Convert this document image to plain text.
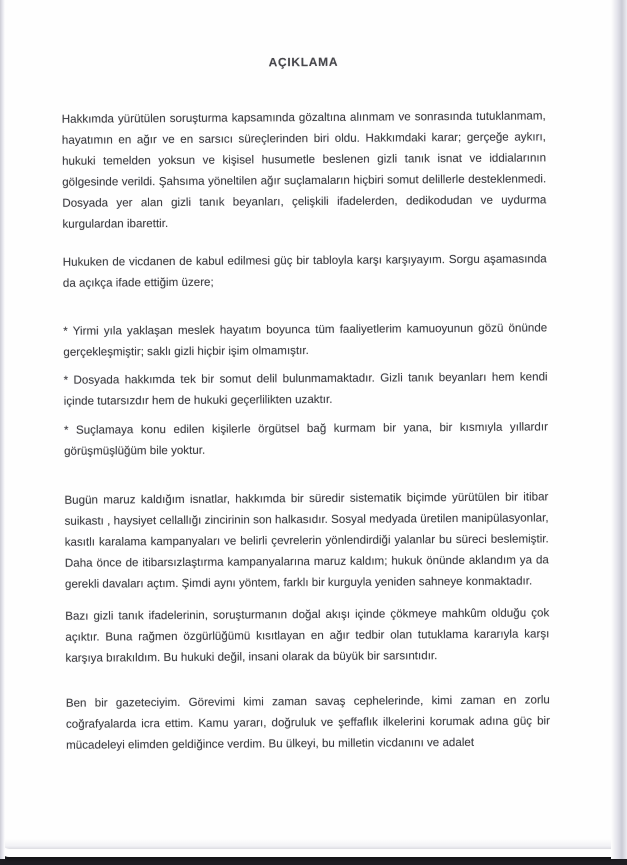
AÇIKLAMA

Hakkımda yürütülen soruşturma kapsamında gözaltına alınmam ve sonrasında tutuklanmam, hayatımın en ağır ve en sarsıcı süreçlerinden biri oldu. Hakkımdaki karar; gerçeğe aykırı, hukuki temelden yoksun ve kişisel husumetle beslenen gizli tanık isnat ve iddialarının gölgesinde verildi. Şahsıma yöneltilen ağır suçlamaların hiçbiri somut delillerle desteklenmedi. Dosyada yer alan gizli tanık beyanları, çelişkili ifadelerden, dedikodudan ve uydurma kurgulardan ibarettir.

Hukuken de vicdanen de kabul edilmesi güç bir tabloyla karşı karşıyayım. Sorgu aşamasında da açıkça ifade ettiğim üzere;

* Yirmi yıla yaklaşan meslek hayatım boyunca tüm faaliyetlerim kamuoyunun gözü önünde gerçekleşmiştir; saklı gizli hiçbir işim olmamıştır.

* Dosyada hakkımda tek bir somut delil bulunmamaktadır. Gizli tanık beyanları hem kendi içinde tutarsızdır hem de hukuki geçerlilikten uzaktır.

* Suçlamaya konu edilen kişilerle örgütsel bağ kurmam bir yana, bir kısmıyla yıllardır görüşmüşlüğüm bile yoktur.

Bugün maruz kaldığım isnatlar, hakkımda bir süredir sistematik biçimde yürütülen bir itibar suikastı , haysiyet cellallığı zincirinin son halkasıdır. Sosyal medyada üretilen manipülasyonlar, kasıtlı karalama kampanyaları ve belirli çevrelerin yönlendirdiği yalanlar bu süreci beslemiştir. Daha önce de itibarsızlaştırma kampanyalarına maruz kaldım; hukuk önünde aklandım ya da gerekli davaları açtım. Şimdi aynı yöntem, farklı bir kurguyla yeniden sahneye konmaktadır.

Bazı gizli tanık ifadelerinin, soruşturmanın doğal akışı içinde çökmeye mahkûm olduğu çok açıktır. Buna rağmen özgürlüğümü kısıtlayan en ağır tedbir olan tutuklama kararıyla karşı karşıya bırakıldım. Bu hukuki değil, insani olarak da büyük bir sarsıntıdır.

Ben bir gazeteciyim. Görevimi kimi zaman savaş cephelerinde, kimi zaman en zorlu coğrafyalarda icra ettim. Kamu yararı, doğruluk ve şeffaflık ilkelerini korumak adına güç bir mücadeleyi elimden geldiğince verdim. Bu ülkeyi, bu milletin vicdanını ve adalet
